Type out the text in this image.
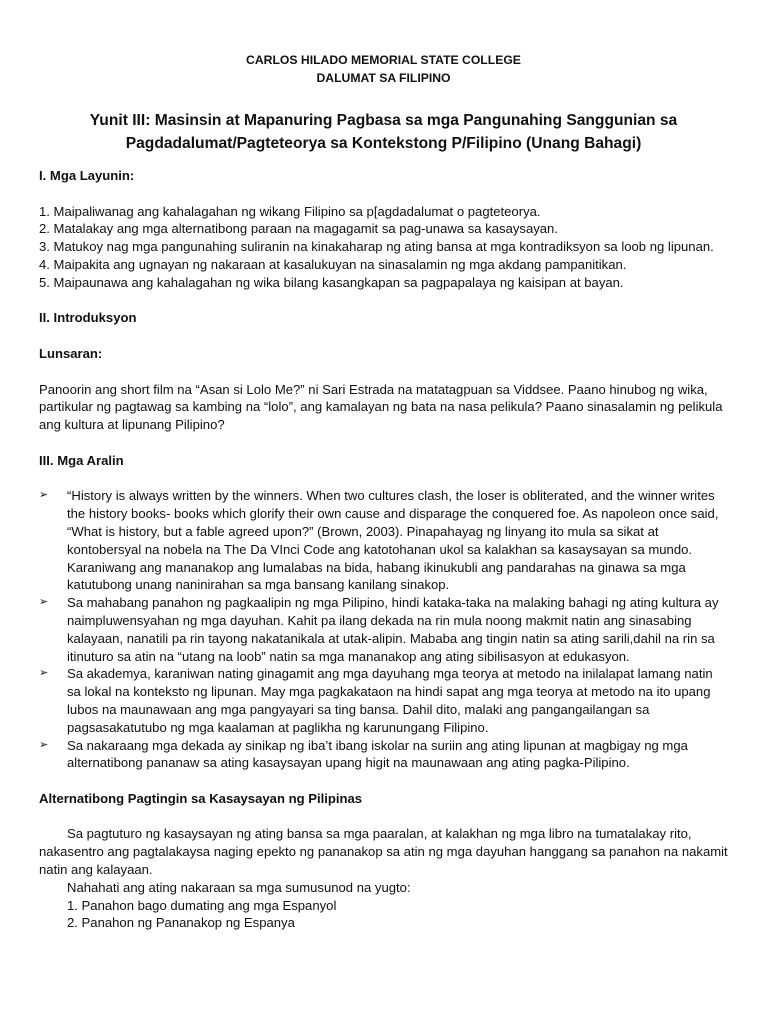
CARLOS HILADO MEMORIAL STATE COLLEGE
DALUMAT SA FILIPINO
Yunit III: Masinsin at Mapanuring Pagbasa sa mga Pangunahing Sanggunian sa Pagdadalumat/Pagteteorya sa Kontekstong P/Filipino (Unang Bahagi)

I. Mga Layunin:

1. Maipaliwanag ang kahalagahan ng wikang Filipino sa p[agdadalumat o pagteteorya.
2. Matalakay ang mga alternatibong paraan na magagamit sa pag-unawa sa kasaysayan.
3. Matukoy nag mga pangunahing suliranin na kinakaharap ng ating bansa at mga kontradiksyon sa loob ng lipunan.
4. Maipakita ang ugnayan ng nakaraan at kasalukuyan na sinasalamin ng mga akdang pampanitikan.
5. Maipaunawa ang kahalagahan ng wika bilang kasangkapan sa pagpapalaya ng kaisipan at bayan.

II. Introduksyon

Lunsaran:

Panoorin ang short film na “Asan si Lolo Me?” ni Sari Estrada na matatagpuan sa Viddsee. Paano hinubog ng wika, partikular ng pagtawag sa kambing na “lolo”, ang kamalayan ng bata na nasa pelikula? Paano sinasalamin ng pelikula ang kultura at lipunang Pilipino?

III. Mga Aralin

➢ “History is always written by the winners. When two cultures clash, the loser is obliterated, and the winner writes the history books- books which glorify their own cause and disparage the conquered foe. As napoleon once said, “What is history, but a fable agreed upon?” (Brown, 2003). Pinapahayag ng linyang ito mula sa sikat at kontobersyal na nobela na The Da VInci Code ang katotohanan ukol sa kalakhan sa kasaysayan sa mundo. Karaniwang ang mananakop ang lumalabas na bida, habang ikinukubli ang pandarahas na ginawa sa mga katutubong unang naninirahan sa mga bansang kanilang sinakop.
➢ Sa mahabang panahon ng pagkaalipin ng mga Pilipino, hindi kataka-taka na malaking bahagi ng ating kultura ay naimpluwensyahan ng mga dayuhan. Kahit pa ilang dekada na rin mula noong makmit natin ang sinasabing kalayaan, nanatili pa rin tayong nakatanikala at utak-alipin. Mababa ang tingin natin sa ating sarili,dahil na rin sa itinuturo sa atin na “utang na loob” natin sa mga mananakop ang ating sibilisasyon at edukasyon.
➢ Sa akademya, karaniwan nating ginagamit ang mga dayuhang mga teorya at metodo na inilalapat lamang natin sa lokal na konteksto ng lipunan. May mga pagkakataon na hindi sapat ang mga teorya at metodo na ito upang lubos na maunawaan ang mga pangyayari sa ting bansa. Dahil dito, malaki ang pangangailangan sa pagsasakatutubo ng mga kaalaman at paglikha ng karunungang Filipino.
➢ Sa nakaraang mga dekada ay sinikap ng iba’t ibang iskolar na suriin ang ating lipunan at magbigay ng mga alternatibong pananaw sa ating kasaysayan upang higit na maunawaan ang ating pagka-Pilipino.

Alternatibong Pagtingin sa Kasaysayan ng Pilipinas

Sa pagtuturo ng kasaysayan ng ating bansa sa mga paaralan, at kalakhan ng mga libro na tumatalakay rito, nakasentro ang pagtalakaysa naging epekto ng pananakop sa atin ng mga dayuhan hanggang sa panahon na nakamit natin ang kalayaan.

Nahahati ang ating nakaraan sa mga sumusunod na yugto:

1. Panahon bago dumating ang mga Espanyol

2. Panahon ng Pananakop ng Espanya
